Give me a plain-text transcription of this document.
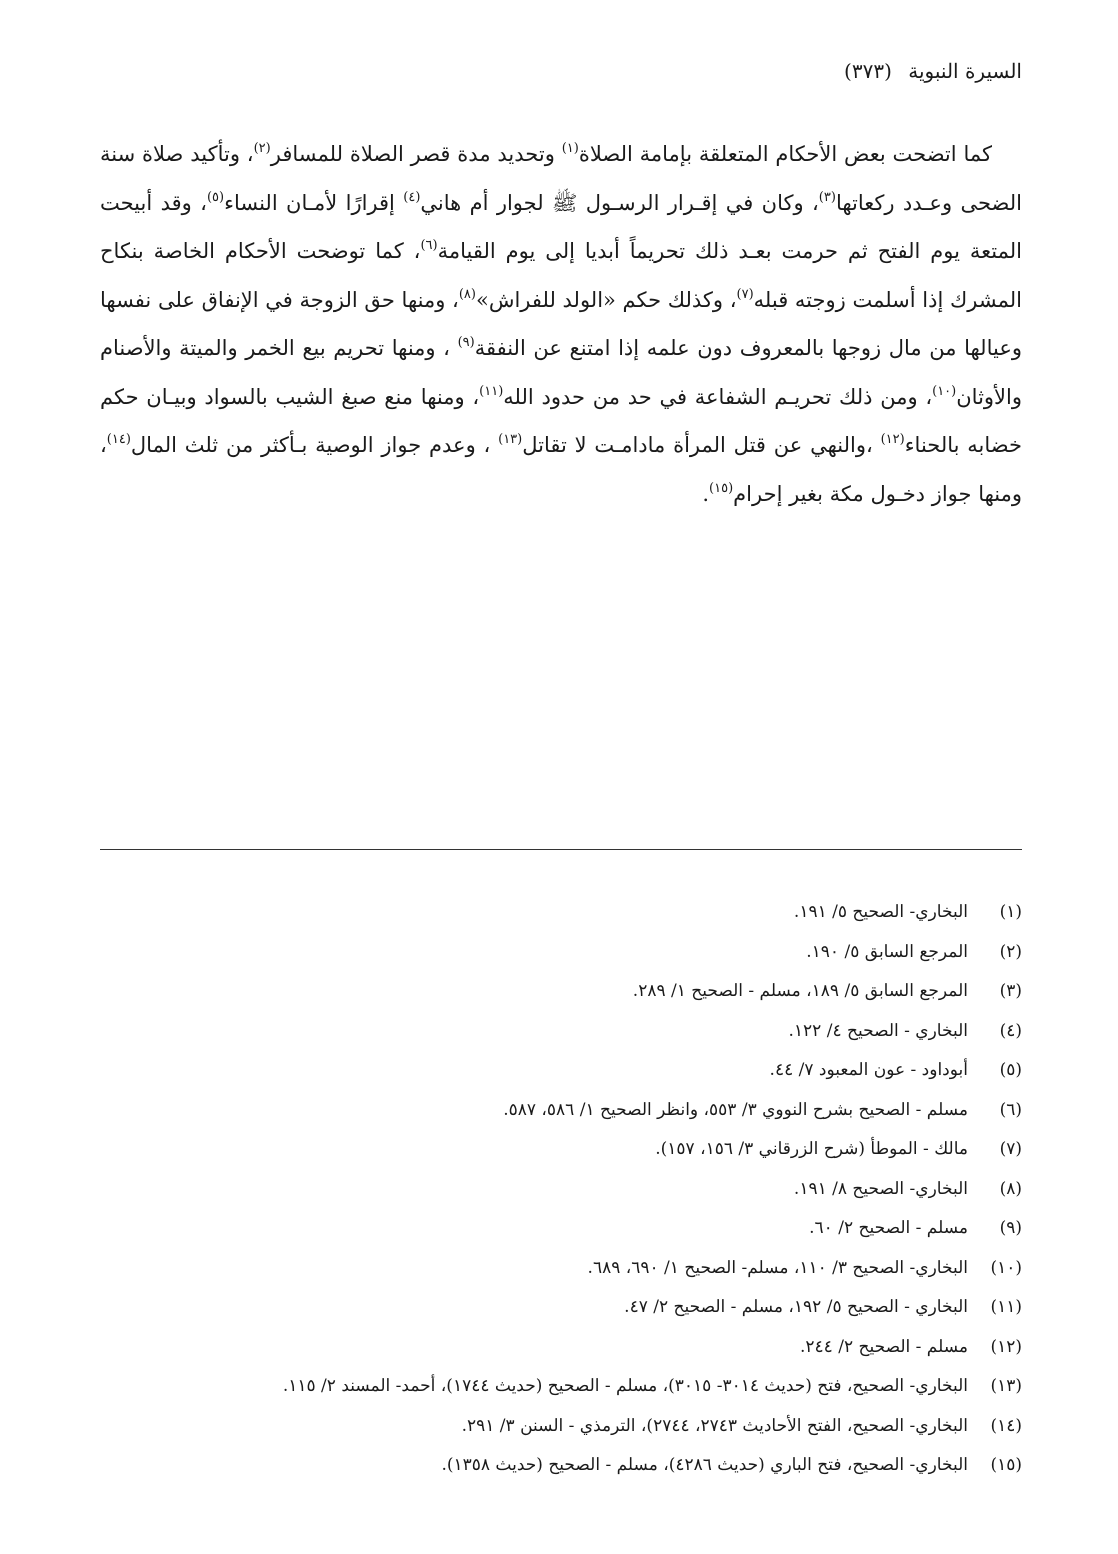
السيرة النبوية (٣٧٣)

كما اتضحت بعض الأحكام المتعلقة بإمامة الصلاة$^{(١)}$ وتحديد مدة قصر الصلاة للمسافر$^{(٢)}$، وتأكيد صلاة سنة الضحى وعـدد ركعاتها$^{(٣)}$، وكان في إقـرار الرسـول ﷺ لجوار أم هاني$^{(٤)}$ إقرارًا لأمـان النساء$^{(٥)}$، وقد أبيحت المتعة يوم الفتح ثم حرمت بعـد ذلك تحريماً أبديا إلى يوم القيامة$^{(٦)}$، كما توضحت الأحكام الخاصة بنكاح المشرك إذا أسلمت زوجته قبله$^{(٧)}$، وكذلك حكم «الولد للفراش»$^{(٨)}$، ومنها حق الزوجة في الإنفاق على نفسها وعيالها من مال زوجها بالمعروف دون علمه إذا امتنع عن النفقة$^{(٩)}$ ، ومنها تحريم بيع الخمر والميتة والأصنام والأوثان$^{(١٠)}$، ومن ذلك تحريـم الشفاعة في حد من حدود الله$^{(١١)}$، ومنها منع صبغ الشيب بالسواد وبيـان حكم خضابه بالحناء$^{(١٢)}$ ،والنهي عن قتل المرأة مادامـت لا تقاتل$^{(١٣)}$ ، وعدم جواز الوصية بـأكثر من ثلث المال$^{(١٤)}$، ومنها جواز دخـول مكة بغير إحرام$^{(١٥)}$.

(١)
البخاري- الصحيح ٥/ ١٩١.
(٢)
المرجع السابق ٥/ ١٩٠.
(٣)
المرجع السابق ٥/ ١٨٩، مسلم - الصحيح ١/ ٢٨٩.
(٤)
البخاري - الصحيح ٤/ ١٢٢.
(٥)
أبوداود - عون المعبود ٧/ ٤٤.
(٦)
مسلم - الصحيح بشرح النووي ٣/ ٥٥٣، وانظر الصحيح ١/ ٥٨٦، ٥٨٧.
(٧)
مالك - الموطأ (شرح الزرقاني ٣/ ١٥٦، ١٥٧).
(٨)
البخاري- الصحيح ٨/ ١٩١.
(٩)
مسلم - الصحيح ٢/ ٦٠.
(١٠)
البخاري- الصحيح ٣/ ١١٠، مسلم- الصحيح ١/ ٦٩٠، ٦٨٩.
(١١)
البخاري - الصحيح ٥/ ١٩٢، مسلم - الصحيح ٢/ ٤٧.
(١٢)
مسلم - الصحيح ٢/ ٢٤٤.
(١٣)
البخاري- الصحيح، فتح (حديث ٣٠١٤- ٣٠١٥)، مسلم - الصحيح (حديث ١٧٤٤)، أحمد- المسند ٢/ ١١٥.
(١٤)
البخاري- الصحيح، الفتح الأحاديث ٢٧٤٣، ٢٧٤٤)، الترمذي - السنن ٣/ ٢٩١.
(١٥)
البخاري- الصحيح، فتح الباري (حديث ٤٢٨٦)، مسلم - الصحيح (حديث ١٣٥٨).
